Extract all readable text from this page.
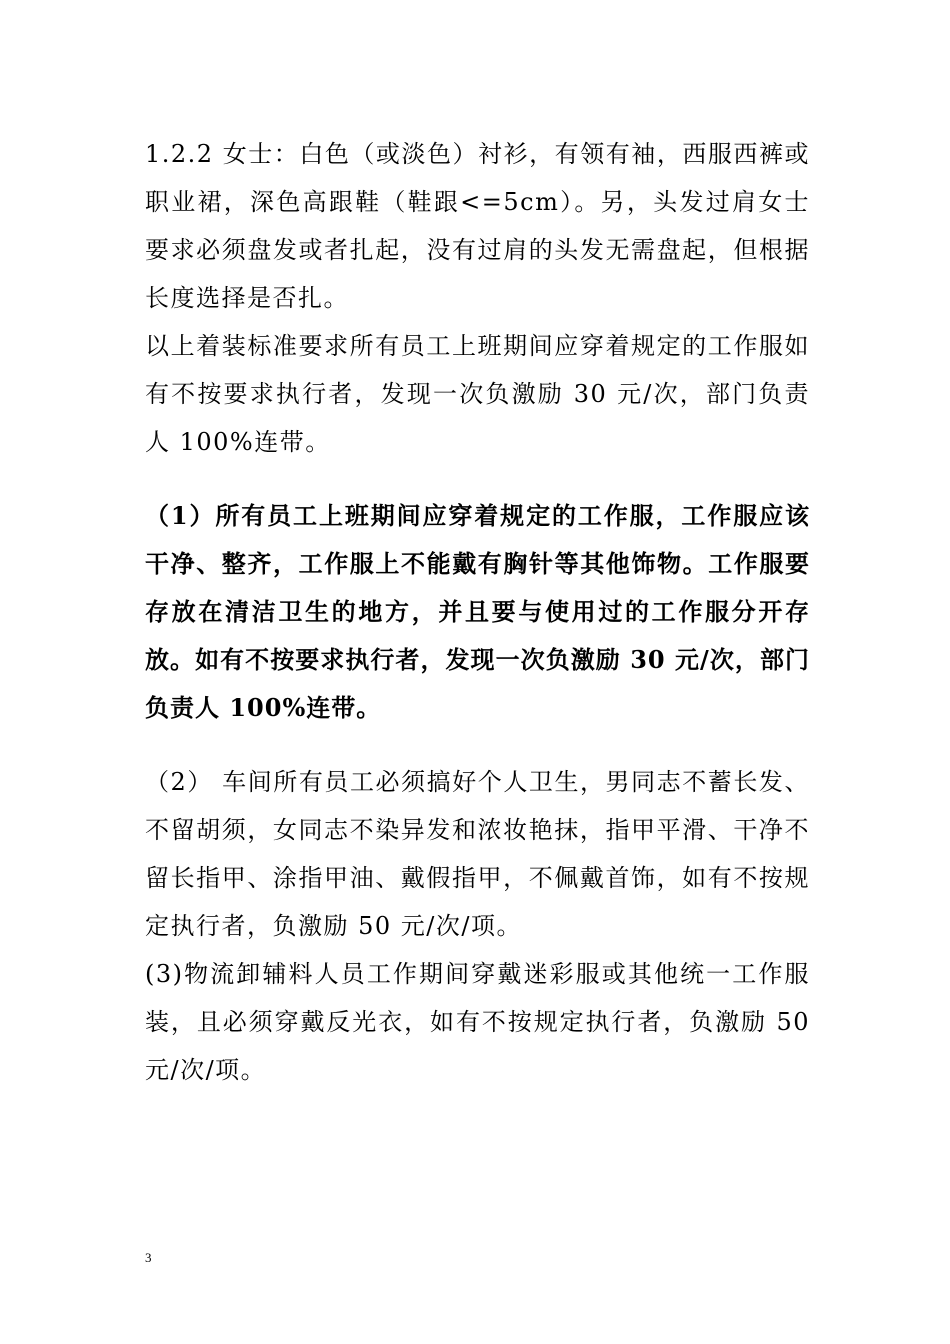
1.2.2 女士：白色（或淡色）衬衫，有领有袖，西服西裤或职业裙，深色高跟鞋（鞋跟<=5cm）。另，头发过肩女士要求必须盘发或者扎起，没有过肩的头发无需盘起，但根据长度选择是否扎。

以上着装标准要求所有员工上班期间应穿着规定的工作服如有不按要求执行者，发现一次负激励 30 元/次，部门负责人 100%连带。

（1）所有员工上班期间应穿着规定的工作服，工作服应该干净、整齐，工作服上不能戴有胸针等其他饰物。工作服要存放在清洁卫生的地方，并且要与使用过的工作服分开存放。如有不按要求执行者，发现一次负激励 30 元/次，部门负责人 100%连带。

（2） 车间所有员工必须搞好个人卫生，男同志不蓄长发、不留胡须，女同志不染异发和浓妆艳抹，指甲平滑、干净不留长指甲、涂指甲油、戴假指甲，不佩戴首饰，如有不按规定执行者，负激励 50 元/次/项。

(3)物流卸辅料人员工作期间穿戴迷彩服或其他统一工作服装，且必须穿戴反光衣，如有不按规定执行者，负激励 50 元/次/项。

3
